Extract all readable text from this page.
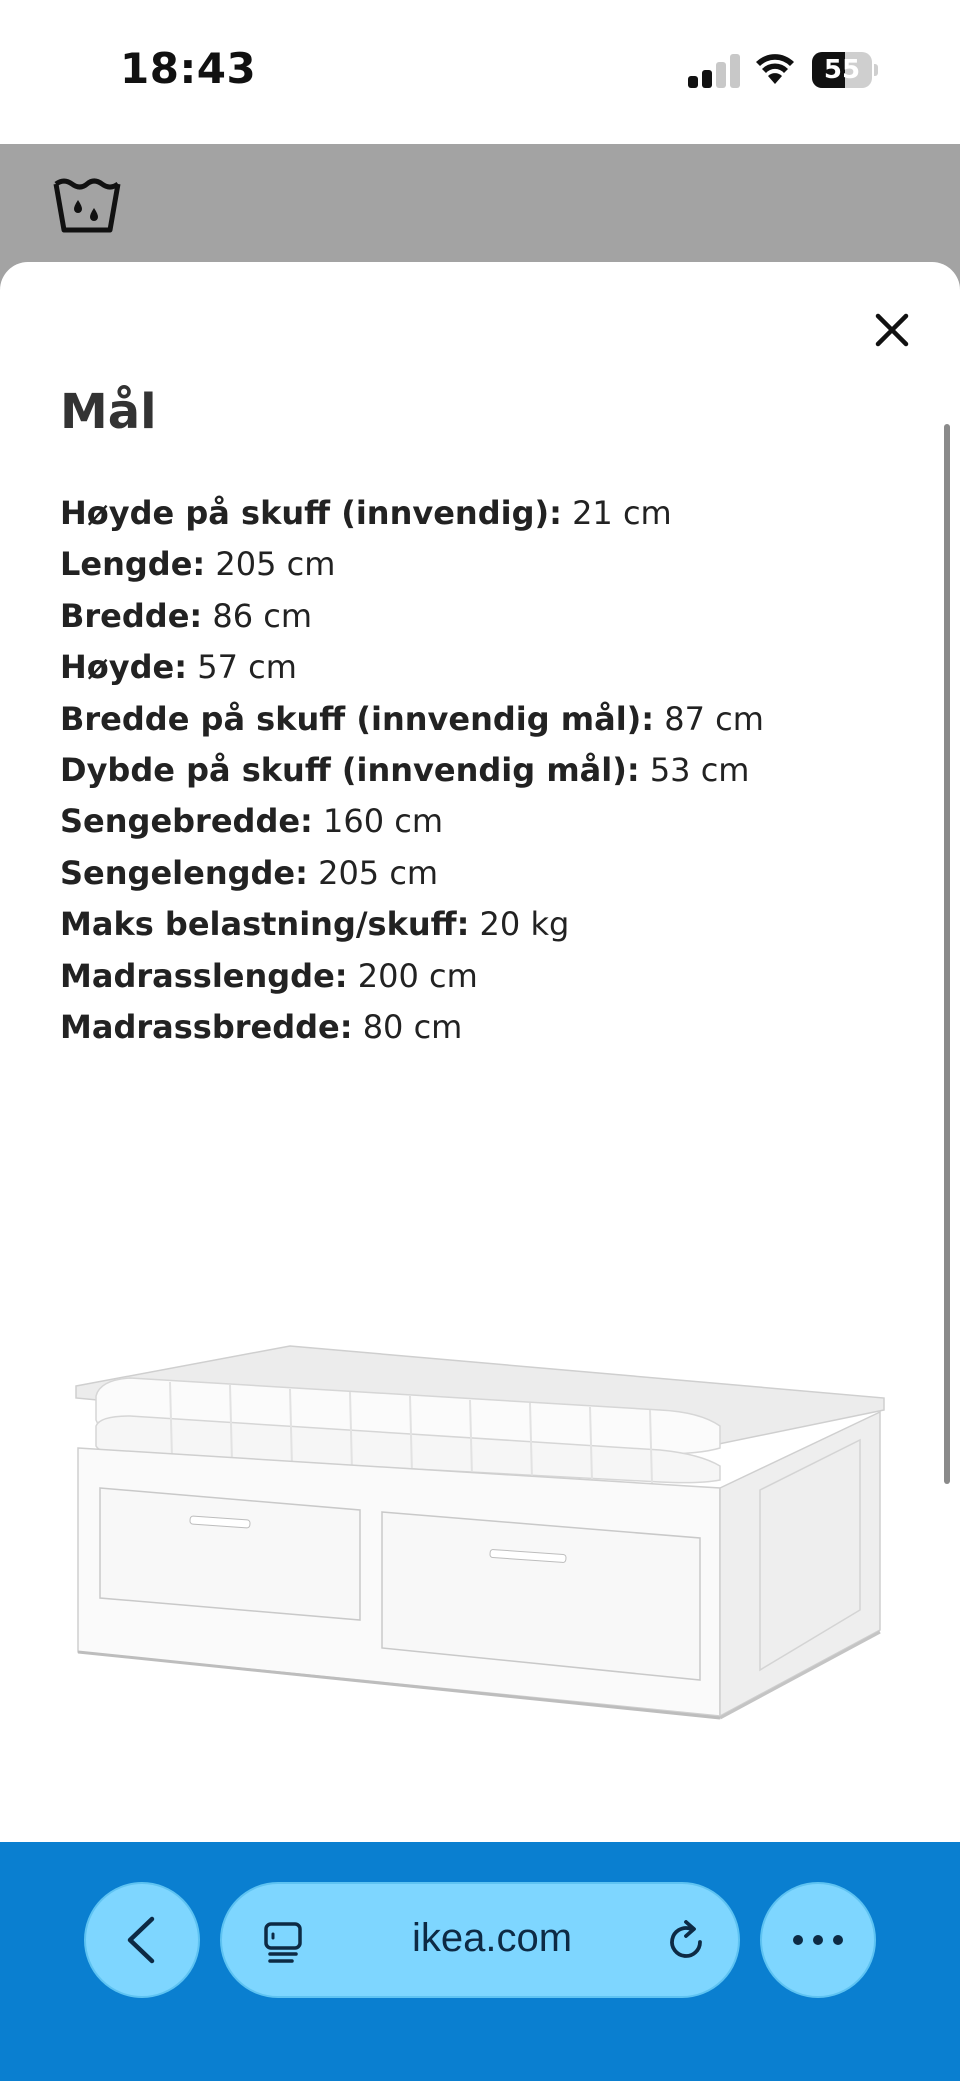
18:43	55
Mål
Høyde på skuff (innvendig): 21 cm
Lengde: 205 cm
Bredde: 86 cm
Høyde: 57 cm
Bredde på skuff (innvendig mål): 87 cm
Dybde på skuff (innvendig mål): 53 cm
Sengebredde: 160 cm
Sengelengde: 205 cm
Maks belastning/skuff: 20 kg
Madrasslengde: 200 cm
Madrassbredde: 80 cm
ikea.com
